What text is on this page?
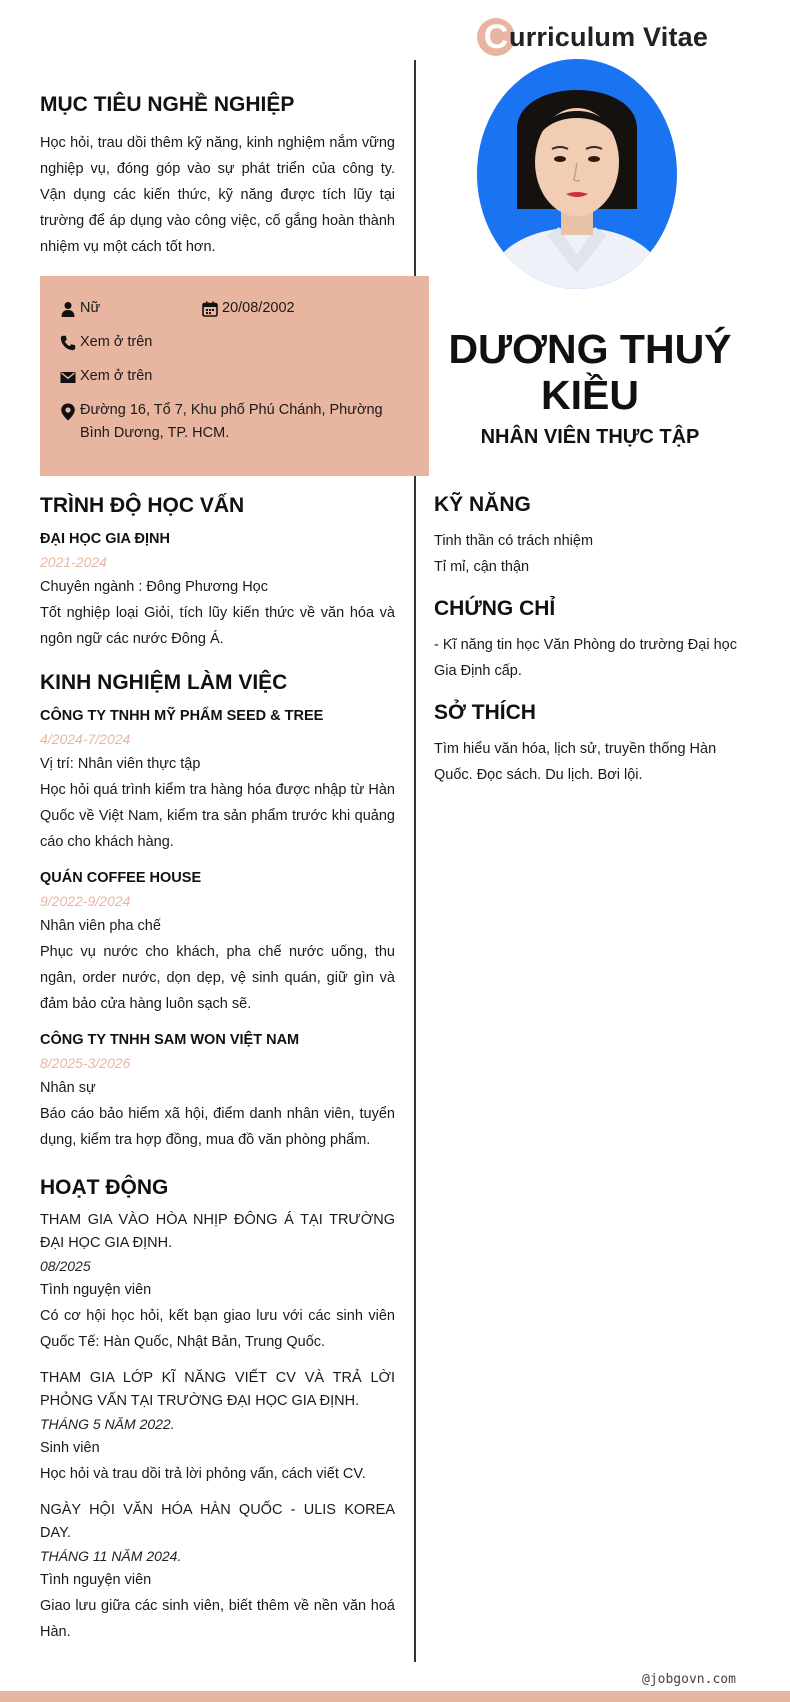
C urriculum Vitae
MỤC TIÊU NGHỀ NGHIỆP

Học hỏi, trau dồi thêm kỹ năng, kinh nghiệm nắm vững nghiệp vụ, đóng góp vào sự phát triển của công ty. Vận dụng các kiến thức, kỹ năng được tích lũy tại trường để áp dụng vào công việc, cố gắng hoàn thành nhiệm vụ một cách tốt hơn.

Nữ	20/08/2002
Xem ở trên
Xem ở trên
Đường 16, Tổ 7, Khu phố Phú Chánh, Phường Bình Dương, TP. HCM.
TRÌNH ĐỘ HỌC VẤN
ĐẠI HỌC GIA ĐỊNH
2021-2024
Chuyên ngành : Đông Phương Học

Tốt nghiệp loại Giỏi, tích lũy kiến thức về văn hóa và ngôn ngữ các nước Đông Á.

KINH NGHIỆM LÀM VIỆC
CÔNG TY TNHH MỸ PHẨM SEED & TREE
4/2024-7/2024
Vị trí: Nhân viên thực tập

Học hỏi quá trình kiểm tra hàng hóa được nhập từ Hàn Quốc về Việt Nam, kiểm tra sản phẩm trước khi quảng cáo cho khách hàng.

QUÁN COFFEE HOUSE
9/2022-9/2024
Nhân viên pha chế

Phục vụ nước cho khách, pha chế nước uống, thu ngân, order nước, dọn dẹp, vệ sinh quán, giữ gìn và đảm bảo cửa hàng luôn sạch sẽ.

CÔNG TY TNHH SAM WON VIỆT NAM
8/2025-3/2026
Nhân sự

Báo cáo bảo hiểm xã hội, điểm danh nhân viên, tuyển dụng, kiểm tra hợp đồng, mua đồ văn phòng phẩm.

HOẠT ĐỘNG
THAM GIA VÀO HÒA NHỊP ĐÔNG Á TẠI TRƯỜNG ĐẠI HỌC GIA ĐỊNH.
08/2025
Tình nguyện viên

Có cơ hội học hỏi, kết bạn giao lưu với các sinh viên Quốc Tế: Hàn Quốc, Nhật Bản, Trung Quốc.

THAM GIA LỚP KĨ NĂNG VIẾT CV VÀ TRẢ LỜI PHỎNG VẤN TẠI TRƯỜNG ĐẠI HỌC GIA ĐỊNH.
THÁNG 5 NĂM 2022.
Sinh viên

Học hỏi và trau dồi trả lời phỏng vấn, cách viết CV.

NGÀY HỘI VĂN HÓA HÀN QUỐC - ULIS KOREA DAY.
THÁNG 11 NĂM 2024.
Tình nguyện viên

Giao lưu giữa các sinh viên, biết thêm về nền văn hoá Hàn.

DƯƠNG THUÝ KIỀU
NHÂN VIÊN THỰC TẬP
KỸ NĂNG

Tinh thần có trách nhiệm

Tỉ mỉ, cận thận

CHỨNG CHỈ

- Kĩ năng tin học Văn Phòng do trường Đại học Gia Định cấp.

SỞ THÍCH

Tìm hiểu văn hóa, lịch sử, truyền thống Hàn Quốc. Đọc sách. Du lịch. Bơi lội.

@jobgovn.com
